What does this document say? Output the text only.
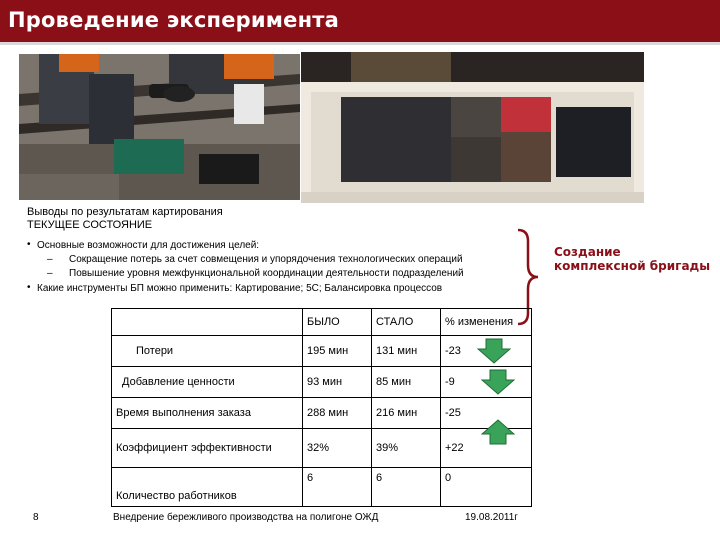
Проведение эксперимента
Выводы по результатам картирования
ТЕКУЩЕЕ СОСТОЯНИЕ
• Основные возможности для достижения целей:
– Сокращение потерь за счет совмещения и упорядочения технологических операций
– Повышение уровня межфункциональной координации деятельности подразделений
• Какие инструменты БП можно применить: Картирование; 5С; Балансировка процессов
Создание
комплексной бригады
	БЫЛО	СТАЛО	% изменения
Потери	195 мин	131 мин	-23

Добавление ценности	93 мин	85 мин	-9

Время выполнения заказа	288 мин	216 мин	-25
Коэффициент эффективности	32%	39%	+22

Количество работников	6	6	0
8	Внедрение бережливого производства на полигоне ОЖД	19.08.2011г
